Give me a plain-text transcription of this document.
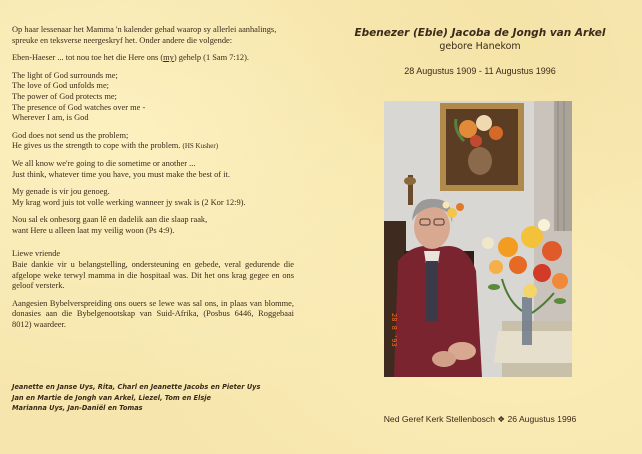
Op haar lessenaar het Mamma 'n kalender gehad waarop sy allerlei aanhalings, spreuke en teksverse neergeskryf het. Onder andere die volgende:

Eben-Haeser ... tot nou toe het die Here ons (my) gehelp (1 Sam 7:12).

The light of God surrounds me;
The love of God unfolds me;
The power of God protects me;
The presence of God watches over me -
Wherever I am, is God

God does not send us the problem;
He gives us the strength to cope with the problem. (HS Kusher)

We all know we're going to die sometime or another ...
Just think, whatever time you have, you must make the best of it.

My genade is vir jou genoeg.
My krag word juis tot volle werking wanneer jy swak is (2 Kor 12:9).

Nou sal ek onbesorg gaan lê en dadelik aan die slaap raak,
want Here u alleen laat my veilig woon (Ps 4:9).

Liewe vriende

Baie dankie vir u belangstelling, ondersteuning en gebede, veral gedurende die afgelope weke terwyl mamma in die hospitaal was. Dit het ons krag gegee en ons geloof versterk.

Aangesien Bybelverspreiding ons ouers se lewe was sal ons, in plaas van blomme, donasies aan die Bybelgenootskap van Suid-Afrika, (Posbus 6446, Roggebaai 8012) waardeer.

Jeanette en Janse Uys, Rita, Charl en Jeanette Jacobs en Pieter Uys
Jan en Martie de Jongh van Arkel, Liezel, Tom en Elsje
Marianna Uys, Jan-Daniël en Tomas
Ebenezer (Ebie) Jacoba de Jongh van Arkel
gebore Hanekom
28 Augustus 1909 - 11 Augustus 1996
28 8 '93
Ned Geref Kerk Stellenbosch ❖ 26 Augustus 1996
